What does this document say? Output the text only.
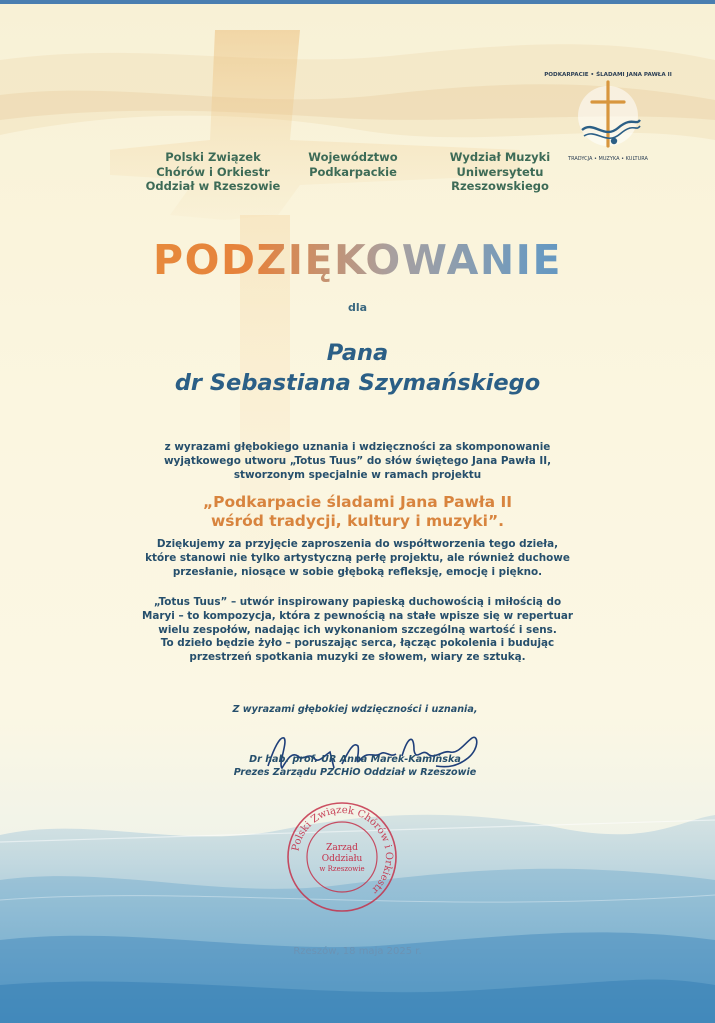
PODKARPACIE • ŚLADAMI JANA PAWŁA II
TRADYCJA • MUZYKA • KULTURA
Polski Związek
Chórów i Orkiestr
Oddział w Rzeszowie
Województwo
Podkarpackie
Wydział Muzyki
Uniwersytetu
Rzeszowskiego
PODZIĘKOWANIE
dla
Pana
dr Sebastiana Szymańskiego
z wyrazami głębokiego uznania i wdzięczności za skomponowanie
wyjątkowego utworu „Totus Tuus” do słów świętego Jana Pawła II,
stworzonym specjalnie w ramach projektu
„Podkarpacie śladami Jana Pawła II
wśród tradycji, kultury i muzyki”.
Dziękujemy za przyjęcie zaproszenia do współtworzenia tego dzieła,
które stanowi nie tylko artystyczną perłę projektu, ale również duchowe
przesłanie, niosące w sobie głęboką refleksję, emocję i piękno.
„Totus Tuus” – utwór inspirowany papieską duchowością i miłością do
Maryi – to kompozycja, która z pewnością na stałe wpisze się w repertuar
wielu zespołów, nadając ich wykonaniom szczególną wartość i sens.
To dzieło będzie żyło – poruszając serca, łącząc pokolenia i budując
przestrzeń spotkania muzyki ze słowem, wiary ze sztuką.
Z wyrazami głębokiej wdzięczności i uznania,
Dr hab. prof. UR Anna Marek-Kamińska
Prezes Zarządu PZCHiO Oddział w Rzeszowie
Polski Związek Chórów i Orkiestr
Zarząd
Oddziału
w Rzeszowie
Rzeszów, 18 maja 2025 r.
